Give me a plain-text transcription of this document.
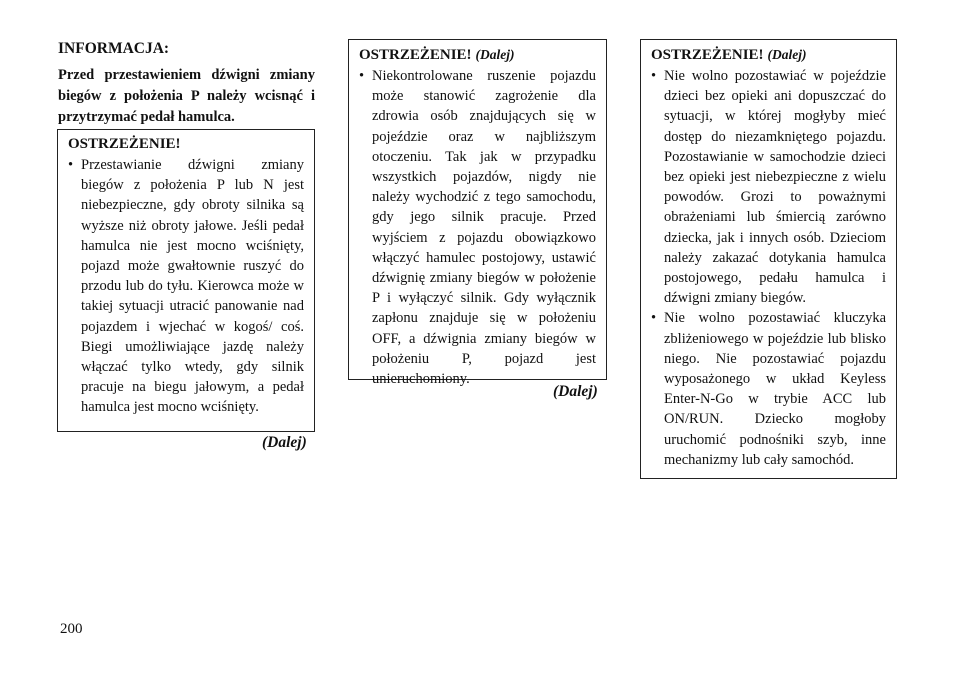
INFORMACJA:
Przed przestawieniem dźwigni zmiany biegów z położenia P należy wcisnąć i przytrzymać pedał hamulca.
OSTRZEŻENIE!
• Przestawianie dźwigni zmiany biegów z położenia P lub N jest niebezpieczne, gdy obroty silnika są wyższe niż obroty jałowe. Jeśli pedał hamulca nie jest mocno wciśnięty, pojazd może gwałtownie ruszyć do przodu lub do tyłu. Kierowca może w takiej sytuacji utracić panowanie nad pojazdem i wjechać w kogoś/ coś. Biegi umożliwiające jazdę należy włączać tylko wtedy, gdy silnik pracuje na biegu jałowym, a pedał hamulca jest mocno wciśnięty.
(Dalej)
OSTRZEŻENIE! (Dalej)
• Niekontrolowane ruszenie pojazdu może stanowić zagrożenie dla zdrowia osób znajdujących się w pojeździe oraz w najbliższym otoczeniu. Tak jak w przypadku wszystkich pojazdów, nigdy nie należy wychodzić z tego samochodu, gdy jego silnik pracuje. Przed wyjściem z pojazdu obowiązkowo włączyć hamulec postojowy, ustawić dźwignię zmiany biegów w położenie P i wyłączyć silnik. Gdy wyłącznik zapłonu znajduje się w położeniu OFF, a dźwignia zmiany biegów w położeniu P, pojazd jest unieruchomiony.
(Dalej)
OSTRZEŻENIE! (Dalej)
• Nie wolno pozostawiać w pojeździe dzieci bez opieki ani dopuszczać do sytuacji, w której mogłyby mieć dostęp do niezamkniętego pojazdu. Pozostawianie w samochodzie dzieci bez opieki jest niebezpieczne z wielu powodów. Grozi to poważnymi obrażeniami lub śmiercią zarówno dziecka, jak i innych osób. Dzieciom należy zakazać dotykania hamulca postojowego, pedału hamulca i dźwigni zmiany biegów.
• Nie wolno pozostawiać kluczyka zbliżeniowego w pojeździe lub blisko niego. Nie pozostawiać pojazdu wyposażonego w układ Keyless Enter-N-Go w trybie ACC lub ON/RUN. Dziecko mogłoby uruchomić podnośniki szyb, inne mechanizmy lub cały samochód.
200
